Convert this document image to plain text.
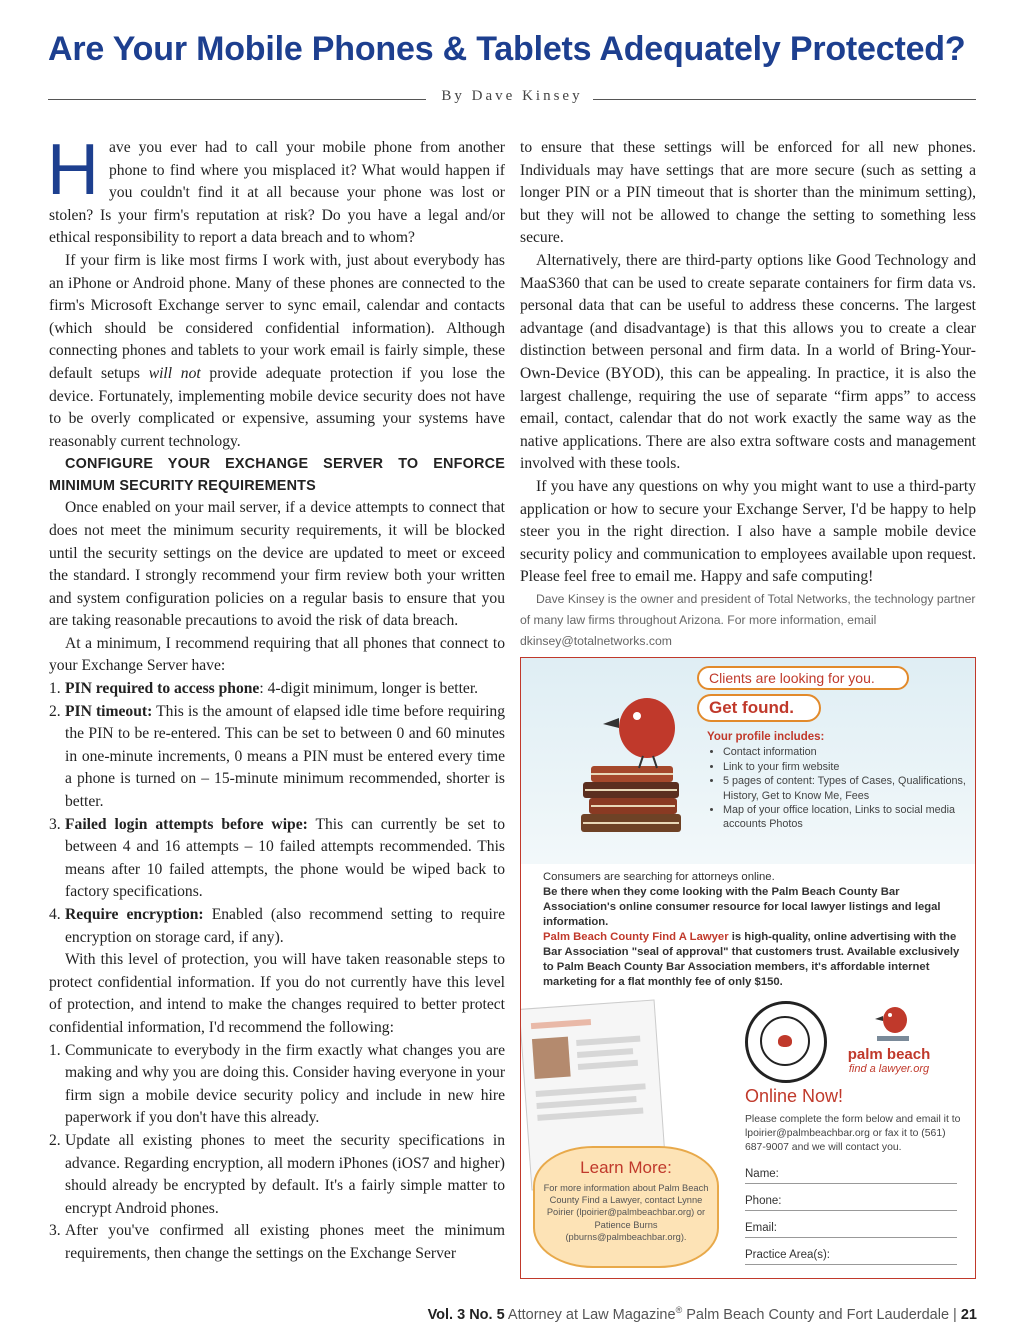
Are Your Mobile Phones & Tablets Adequately Protected?
By Dave Kinsey

Have you ever had to call your mobile phone from another phone to find where you misplaced it? What would happen if you couldn't find it at all because your phone was lost or stolen? Is your firm's reputation at risk? Do you have a legal and/or ethical responsibility to report a data breach and to whom?

If your firm is like most firms I work with, just about everybody has an iPhone or Android phone. Many of these phones are connected to the firm's Microsoft Exchange server to sync email, calendar and contacts (which should be considered confidential information). Although connecting phones and tablets to your work email is fairly simple, these default setups will not provide adequate protection if you lose the device. Fortunately, implementing mobile device security does not have to be overly complicated or expensive, assuming your systems have reasonably current technology.

CONFIGURE YOUR EXCHANGE SERVER TO ENFORCE MINIMUM SECURITY REQUIREMENTS

Once enabled on your mail server, if a device attempts to connect that does not meet the minimum security requirements, it will be blocked until the security settings on the device are updated to meet or exceed the standard. I strongly recommend your firm review both your written and system configuration policies on a regular basis to ensure that you are taking reasonable precautions to avoid the risk of data breach.

At a minimum, I recommend requiring that all phones that connect to your Exchange Server have:

1. PIN required to access phone: 4-digit minimum, longer is better.
2. PIN timeout: This is the amount of elapsed idle time before requiring the PIN to be re-entered. This can be set to between 0 and 60 minutes in one-minute increments, 0 means a PIN must be entered every time a phone is turned on – 15-minute minimum recommended, shorter is better.
3. Failed login attempts before wipe: This can currently be set to between 4 and 16 attempts – 10 failed attempts recommended. This means after 10 failed attempts, the phone would be wiped back to factory specifications.
4. Require encryption: Enabled (also recommend setting to require encryption on storage card, if any).

With this level of protection, you will have taken reasonable steps to protect confidential information. If you do not currently have this level of protection, and intend to make the changes required to better protect confidential information, I'd recommend the following:

1. Communicate to everybody in the firm exactly what changes you are making and why you are doing this. Consider having everyone in your firm sign a mobile device security policy and include in new hire paperwork if you don't have this already.
2. Update all existing phones to meet the security specifications in advance. Regarding encryption, all modern iPhones (iOS7 and higher) should already be encrypted by default. It's a fairly simple matter to encrypt Android phones.
3. After you've confirmed all existing phones meet the minimum requirements, then change the settings on the Exchange Server

to ensure that these settings will be enforced for all new phones. Individuals may have settings that are more secure (such as setting a longer PIN or a PIN timeout that is shorter than the minimum setting), but they will not be allowed to change the setting to something less secure.

Alternatively, there are third-party options like Good Technology and MaaS360 that can be used to create separate containers for firm data vs. personal data that can be useful to address these concerns. The largest advantage (and disadvantage) is that this allows you to create a clear distinction between personal and firm data. In a world of Bring-Your-Own-Device (BYOD), this can be appealing. In practice, it is also the largest challenge, requiring the use of separate “firm apps” to access email, contact, calendar that do not work exactly the same way as the native applications. There are also extra software costs and management involved with these tools.

If you have any questions on why you might want to use a third-party application or how to secure your Exchange Server, I'd be happy to help steer you in the right direction. I also have a sample mobile device security policy and communication to employees available upon request. Please feel free to email me. Happy and safe computing!

Dave Kinsey is the owner and president of Total Networks, the technology partner of many law firms throughout Arizona. For more information, email dkinsey@totalnetworks.com

Clients are looking for you.
Get found.
Your profile includes:
• Contact information
• Link to your firm website
• 5 pages of content: Types of Cases, Qualifications, History, Get to Know Me, Fees
• Map of your office location, Links to social media accounts Photos
Consumers are searching for attorneys online.
Be there when they come looking with the Palm Beach County Bar Association's online consumer resource for local lawyer listings and legal information.
Palm Beach County Find A Lawyer is high-quality, online advertising with the Bar Association "seal of approval" that customers trust. Available exclusively to Palm Beach County Bar Association members, it's affordable internet marketing for a flat monthly fee of only $150.
palm beach
find a lawyer.org
Online Now!
Please complete the form below and email it to lpoirier@palmbeachbar.org or fax it to (561) 687-9007 and we will contact you.
Name:
Phone:
Email:
Practice Area(s):
Learn More:
For more information about Palm Beach County Find a Lawyer, contact Lynne Poirier (lpoirier@palmbeachbar.org) or Patience Burns (pburns@palmbeachbar.org).
Vol. 3 No. 5 Attorney at Law Magazine® Palm Beach County and Fort Lauderdale | 21
